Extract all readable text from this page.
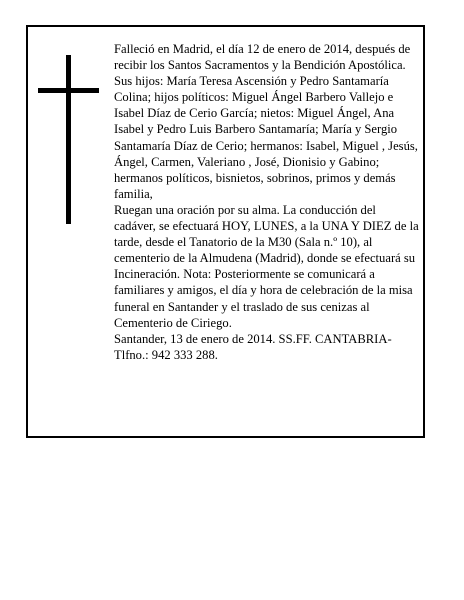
Falleció en Madrid, el día 12 de enero de 2014, después de recibir los Santos Sacramentos y la Bendición Apostólica.

Sus hijos: María Teresa Ascensión y Pedro Santamaría Colina; hijos políticos: Miguel Ángel Barbero Vallejo e Isabel Díaz de Cerio García; nietos: Miguel Ángel, Ana Isabel y Pedro Luis Barbero Santamaría; María y Sergio Santamaría Díaz de Cerio; hermanos: Isabel, Miguel , Jesús, Ángel, Carmen, Valeriano , José, Dionisio y Gabino; hermanos políticos, bisnietos, sobrinos, primos y demás familia,

Ruegan una oración por su alma. La conducción del cadáver, se efectuará HOY, LUNES, a la UNA Y DIEZ de la tarde, desde el Tanatorio de la M30 (Sala n.º 10), al cementerio de la Almudena (Madrid), donde se efectuará su Incineración. Nota: Posteriormente se comunicará a familiares y amigos, el día y hora de celebración de la misa funeral en Santander y el traslado de sus cenizas al Cementerio de Ciriego.

Santander, 13 de enero de 2014. SS.FF. CANTABRIA- Tlfno.: 942 333 288.
